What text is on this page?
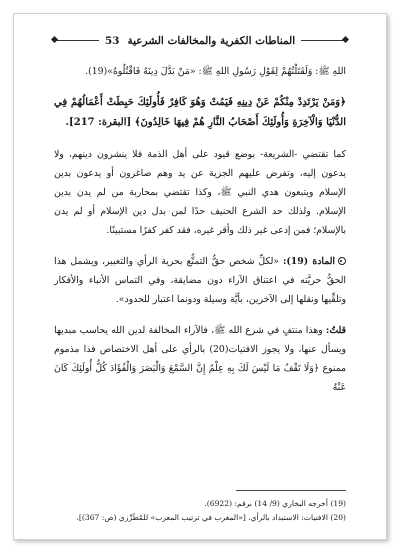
المناطات الكفرية والمخالفات الشرعية
53

اللهِ ﷺ: وَلَقَتَلْتُهُمْ لِقَوْلِ رَسُولِ اللهِ ﷺ: «مَنْ بَدَّلَ دِينَهُ فَاقْتُلُوهُ»(19).

﴿وَمَنْ يَرْتَدِدْ مِنْكُمْ عَنْ دِينِهِ فَيَمُتْ وَهُوَ كَافِرٌ فَأُولَئِكَ حَبِطَتْ أَعْمَالُهُمْ فِي الدُّنْيَا وَالْآخِرَةِ وَأُولَئِكَ أَصْحَابُ النَّارِ هُمْ فِيهَا خَالِدُونَ﴾ [البقرة: 217].

كما تقتضي -الشريعة- بوضع قيود على أهل الذمة فلا ينشرون دينهم، ولا يدعون إليه، وتفرض عليهم الجزية عن يد وهم صاغرون أو يدعون بدين الإسلام ويتبعون هدي النبي ﷺ، وكذا تقتضي بمحاربة من لم يدن بدين الإسلام. ولذلك حد الشرع الحنيف حدًا لمن بدل دين الإسلام أو لم يدن بالإسلام؛ فمن إدعى غير ذلك وأقر غيره، فقد كفر كفرًا مستبينًا.

المادة (19): «لكلِّ شخص حقُّ التمتُّع بحرية الرأي والتعبير، ويشمل هذا الحقُّ حريَّته في اعتناق الآراء دون مضايقة، وفي التماس الأنباء والأفكار وتلقِّيها ونقلها إلى الآخرين، بأيَّة وسيلة ودونما اعتبار للحدود».

قلتُ: وهذا منتفٍ في شرع الله ﷺ، فالآراء المخالفة لدين الله يحاسب مبديها ويسأل عنها، ولا يجوز الافتيات(20) بالرأي على أهل الاختصاص فذا مذموم ممنوع ﴿وَلَا تَقْفُ مَا لَيْسَ لَكَ بِهِ عِلْمٌ إِنَّ السَّمْعَ وَالْبَصَرَ وَالْفُؤَادَ كُلُّ أُولَئِكَ كَانَ عَنْهُ

(19) أخرجه البخاري (9/ 14) برقم: (6922).
(20) الافتيات: الاستبداد بالرأي. [«المغرب في ترتيب المعرب» للمُطَرِّزي (ص: 367)].
